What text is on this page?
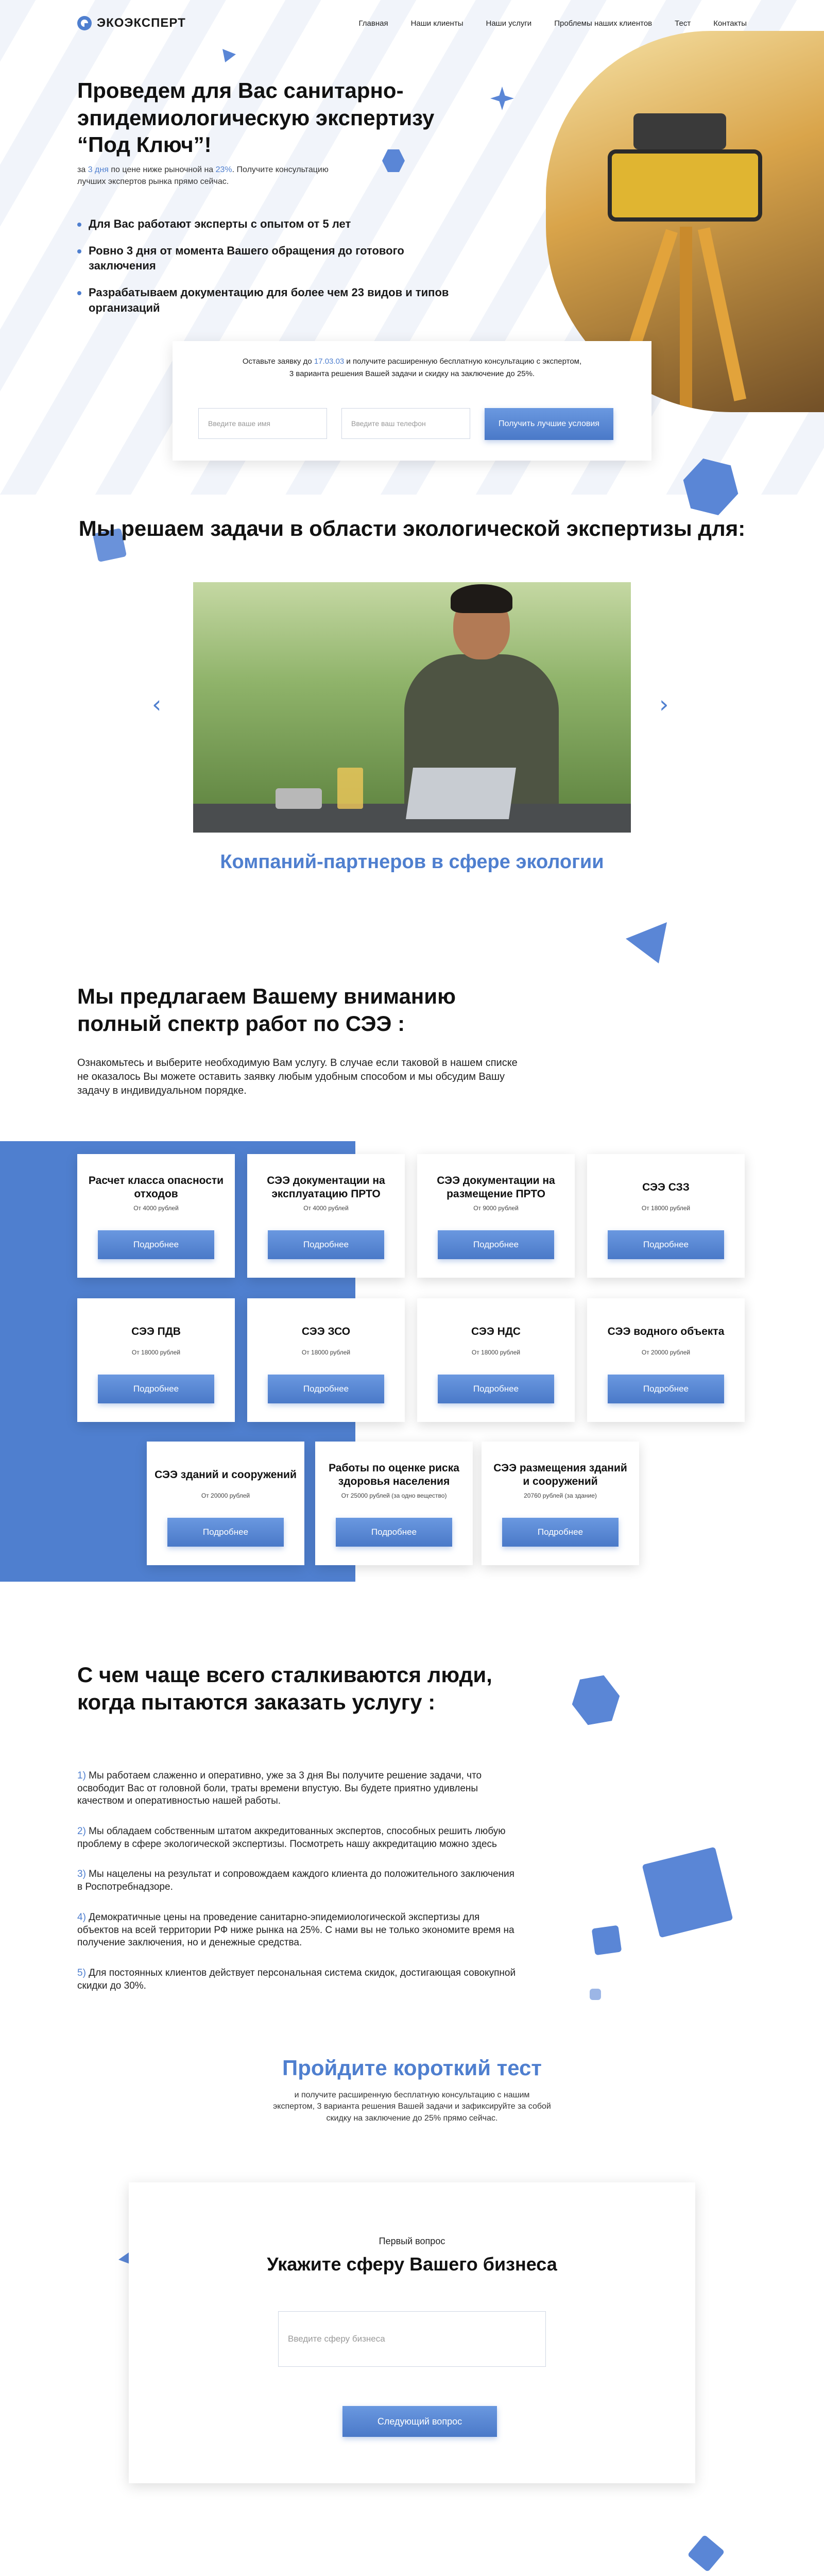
ЭКОЭКСПЕРТ	Главная	Наши клиенты	Наши услуги	Проблемы наших клиентов	Тест	Контакты
Проведем для Вас санитарно-эпидемиологическую экспертизу “Под Ключ”!

за 3 дня по цене ниже рыночной на 23%. Получите консультацию лучших экспертов рынка прямо сейчас.

Для Вас работают эксперты с опытом от 5 лет
Ровно 3 дня от момента Вашего обращения до готового заключения
Разрабатываем документацию для более чем 23 видов и типов организаций

Оставьте заявку до 17.03.03 и получите расширенную бесплатную консультацию с экспертом,
3 варианта решения Вашей задачи и скидку на заключение до 25%.

Введите ваше имя
Введите ваш телефон
Получить лучшие условия
Мы решаем задачи в области экологической экспертизы для:
‹	›
Компаний-партнеров в сфере экологии
Мы предлагаем Вашему вниманию полный спектр работ по СЭЭ :

Ознакомьтесь и выберите необходимую Вам услугу. В случае если таковой в нашем списке не оказалось Вы можете оставить заявку любым удобным способом и мы обсудим Вашу задачу в индивидуальном порядке.

Расчет класса опасности отходов
От 4000 рублей
Подробнее
СЭЭ документации на эксплуатацию ПРТО
От 4000 рублей
Подробнее
СЭЭ документации на размещение ПРТО
От 9000 рублей
Подробнее
СЭЭ СЗЗ
От 18000 рублей
Подробнее
СЭЭ ПДВ
От 18000 рублей
Подробнее
СЭЭ ЗСО
От 18000 рублей
Подробнее
СЭЭ НДС
От 18000 рублей
Подробнее
СЭЭ водного объекта
От 20000 рублей
Подробнее
СЭЭ зданий и сооружений
От 20000 рублей
Подробнее
Работы по оценке риска здоровья населения
От 25000 рублей (за одно вещество)
Подробнее
СЭЭ размещения зданий и сооружений
20760 рублей (за здание)
Подробнее
С чем чаще всего сталкиваются люди, когда пытаются заказать услугу :

1) Мы работаем слаженно и оперативно, уже за 3 дня Вы получите решение задачи, что освободит Вас от головной боли, траты времени впустую. Вы будете приятно удивлены качеством и оперативностью нашей работы.

2) Мы обладаем собственным штатом аккредитованных экспертов, способных решить любую проблему в сфере экологической экспертизы. Посмотреть нашу аккредитацию можно здесь

3) Мы нацелены на результат и сопровождаем каждого клиента до положительного заключения в Роспотребнадзоре.

4) Демократичные цены на проведение санитарно-эпидемиологической экспертизы для объектов на всей территории РФ ниже рынка на 25%. С нами вы не только экономите время на получение заключения, но и денежные средства.

5) Для постоянных клиентов действует персональная система скидок, достигающая совокупной скидки до 30%.

Пройдите короткий тест

и получите расширенную бесплатную консультацию с нашим экспертом, 3 варианта решения Вашей задачи и зафиксируйте за собой скидку на заключение до 25% прямо сейчас.

Первый вопрос

Укажите сферу Вашего бизнеса
Введите сферу бизнеса
Следующий вопрос
